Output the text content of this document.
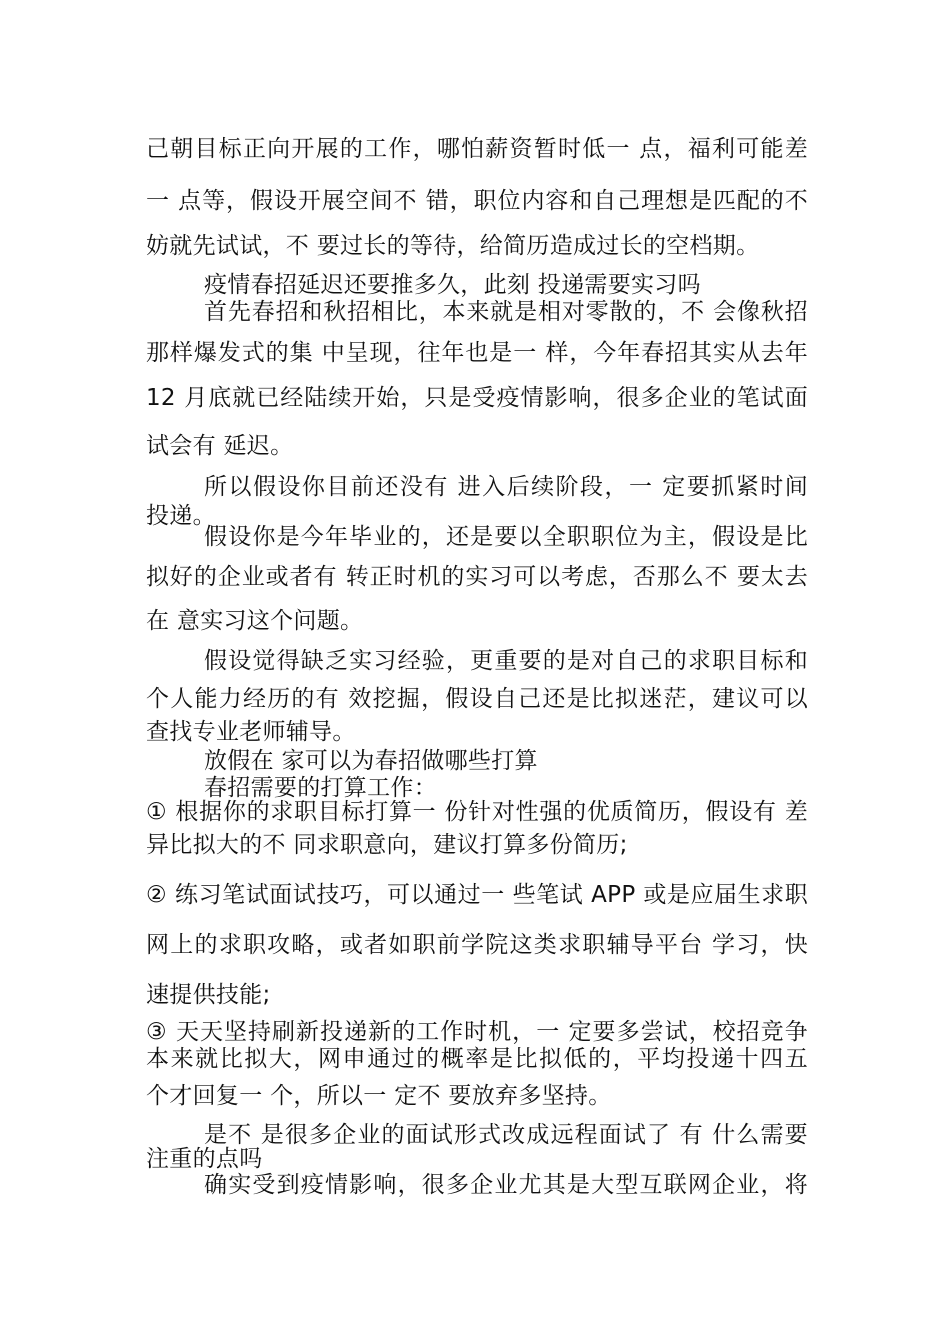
己朝目标正向开展的工作，哪怕薪资暂时低一 点，福利可能差
一 点等，假设开展空间不 错，职位内容和自己理想是匹配的不
妨就先试试，不 要过长的等待，给简历造成过长的空档期。
疫情春招延迟还要推多久，此刻 投递需要实习吗
首先春招和秋招相比，本来就是相对零散的，不 会像秋招
那样爆发式的集 中呈现，往年也是一 样，今年春招其实从去年
12 月底就已经陆续开始，只是受疫情影响，很多企业的笔试面
试会有 延迟。
所以假设你目前还没有 进入后续阶段，一 定要抓紧时间
投递。
假设你是今年毕业的，还是要以全职职位为主，假设是比
拟好的企业或者有 转正时机的实习可以考虑，否那么不 要太去
在 意实习这个问题。
假设觉得缺乏实习经验，更重要的是对自己的求职目标和
个人能力经历的有 效挖掘，假设自己还是比拟迷茫，建议可以
查找专业老师辅导。
放假在 家可以为春招做哪些打算
春招需要的打算工作：
① 根据你的求职目标打算一 份针对性强的优质简历，假设有 差
异比拟大的不 同求职意向，建议打算多份简历;
② 练习笔试面试技巧，可以通过一 些笔试 APP 或是应届生求职
网上的求职攻略，或者如职前学院这类求职辅导平台 学习，快
速提供技能;
③ 天天坚持刷新投递新的工作时机，一 定要多尝试，校招竞争
本来就比拟大，网申通过的概率是比拟低的，平均投递十四五
个才回复一 个，所以一 定不 要放弃多坚持。
是不 是很多企业的面试形式改成远程面试了 有 什么需要
注重的点吗
确实受到疫情影响，很多企业尤其是大型互联网企业，将
